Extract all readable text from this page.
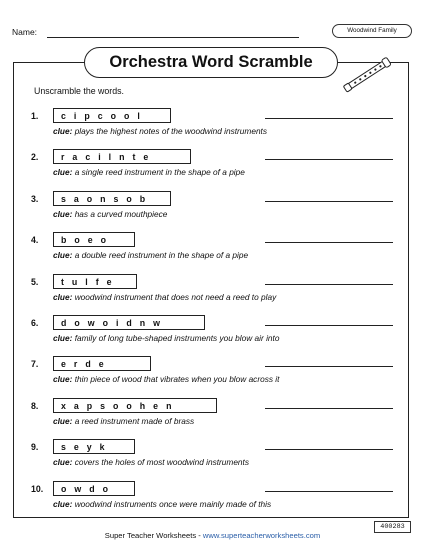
Name:	Woodwind Family
Orchestra Word Scramble
Unscramble the words.
1.	cipcool
clue: plays the highest notes of the woodwind instruments
2.	racilnte
clue: a single reed instrument in the shape of a pipe
3.	saonsob
clue: has a curved mouthpiece
4.	boeo
clue: a double reed instrument in the shape of a pipe
5.	tulfe
clue: woodwind instrument that does not need a reed to play
6.	dowoidnw
clue: family of long tube-shaped instruments you blow air into
7.	erde
clue: thin piece of wood that vibrates when you blow across it
8.	xapsoohen
clue: a reed instrument made of brass
9.	seyk
clue: covers the holes of most woodwind instruments
10.	owdo
clue: woodwind instruments once were mainly made of this
Super Teacher Worksheets - www.superteacherworksheets.com
400283
